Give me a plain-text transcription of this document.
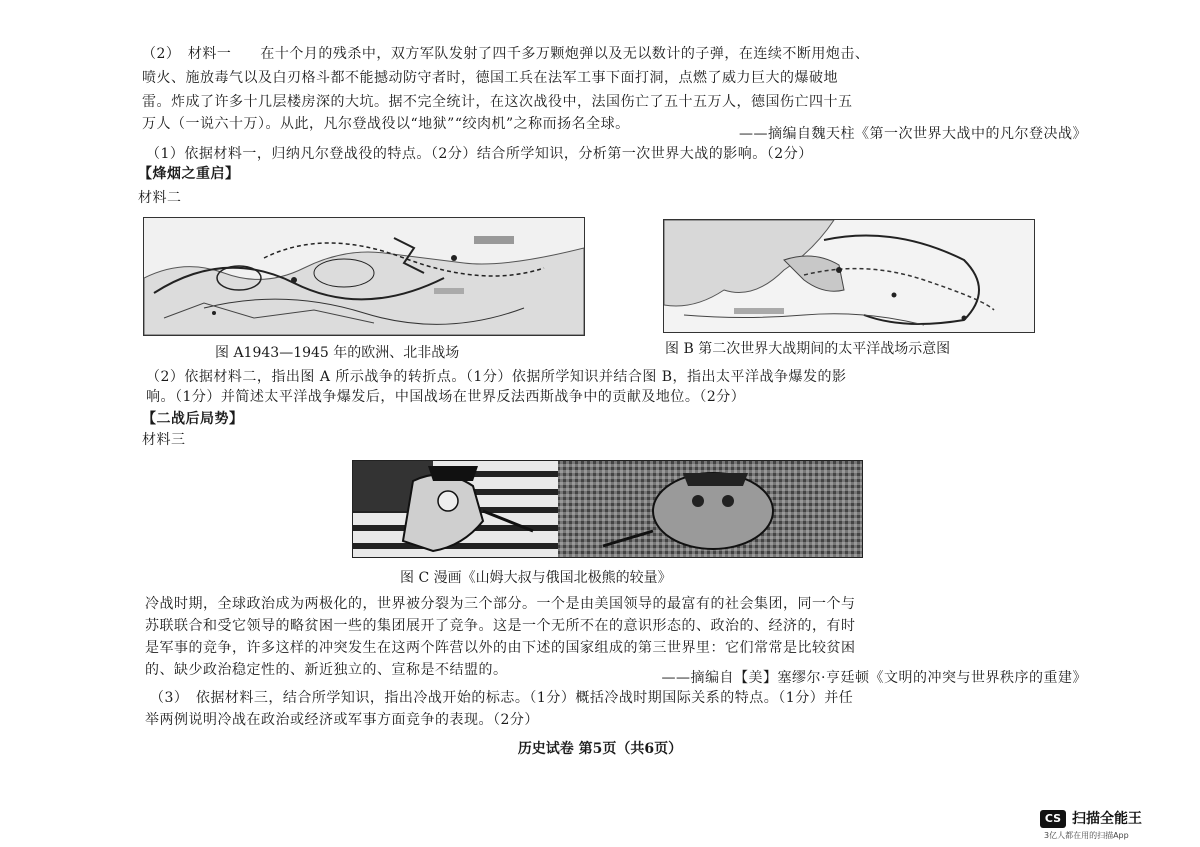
（2）　材料一　　在十个月的残杀中，双方军队发射了四千多万颗炮弹以及无以数计的子弹，在连续不断用炮击、
喷火、施放毒气以及白刃格斗都不能撼动防守者时，德国工兵在法军工事下面打洞，点燃了威力巨大的爆破地
雷。炸成了许多十几层楼房深的大坑。据不完全统计，在这次战役中，法国伤亡了五十五万人，德国伤亡四十五
万人（一说六十万）。从此，凡尔登战役以“地狱”“绞肉机”之称而扬名全球。
——摘编自魏天柱《第一次世界大战中的凡尔登决战》
（1）依据材料一，归纳凡尔登战役的特点。（2分）结合所学知识，分析第一次世界大战的影响。（2分）
【烽烟之重启】
材料二
图 A1943—1945 年的欧洲、北非战场	图 B 第二次世界大战期间的太平洋战场示意图
（2）依据材料二，指出图 A 所示战争的转折点。（1分）依据所学知识并结合图 B，指出太平洋战争爆发的影
响。（1分）并简述太平洋战争爆发后，中国战场在世界反法西斯战争中的贡献及地位。（2分）
【二战后局势】
材料三
图 C 漫画《山姆大叔与俄国北极熊的较量》
冷战时期，全球政治成为两极化的，世界被分裂为三个部分。一个是由美国领导的最富有的社会集团，同一个与
苏联联合和受它领导的略贫困一些的集团展开了竞争。这是一个无所不在的意识形态的、政治的、经济的，有时
是军事的竞争，许多这样的冲突发生在这两个阵营以外的由下述的国家组成的第三世界里：它们常常是比较贫困
的、缺少政治稳定性的、新近独立的、宣称是不结盟的。	——摘编自【美】塞缪尔·亨廷顿《文明的冲突与世界秩序的重建》
（3）　依据材料三，结合所学知识，指出冷战开始的标志。（1分）概括冷战时期国际关系的特点。（1分）并任
举两例说明冷战在政治或经济或军事方面竞争的表现。（2分）
历史试卷 第5页（共6页）
CS 扫描全能王
3亿人都在用的扫描App
